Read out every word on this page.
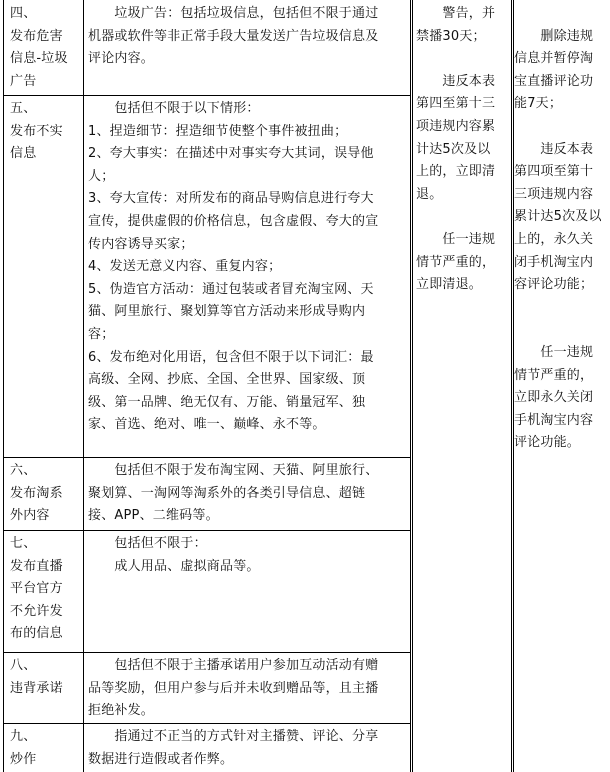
四、
发布危害
信息-垃圾
广告
　　垃圾广告：包括垃圾信息，包括但不限于通过
机器或软件等非正常手段大量发送广告垃圾信息及
评论内容。
五、
发布不实
信息
　　包括但不限于以下情形：
1、捏造细节：捏造细节使整个事件被扭曲；
2、夸大事实：在描述中对事实夸大其词，误导他
人；
3、夸大宣传：对所发布的商品导购信息进行夸大
宣传，提供虚假的价格信息，包含虚假、夸大的宣
传内容诱导买家；
4、发送无意义内容、重复内容；
5、伪造官方活动：通过包装或者冒充淘宝网、天
猫、阿里旅行、聚划算等官方活动来形成导购内
容；
6、发布绝对化用语，包含但不限于以下词汇：最
高级、全网、抄底、全国、全世界、国家级、顶
级、第一品牌、绝无仅有、万能、销量冠军、独
家、首选、绝对、唯一、巅峰、永不等。
六、
发布淘系
外内容
　　包括但不限于发布淘宝网、天猫、阿里旅行、
聚划算、一淘网等淘系外的各类引导信息、超链
接、APP、二维码等。
七、
发布直播
平台官方
不允许发
布的信息
　　包括但不限于：
　　成人用品、虚拟商品等。
八、
违背承诺
　　包括但不限于主播承诺用户参加互动活动有赠
品等奖励，但用户参与后并未收到赠品等，且主播
拒绝补发。
九、
炒作
　　指通过不正当的方式针对主播赞、评论、分享
数据进行造假或者作弊。
　　警告，并
禁播30天；

　　违反本表
第四至第十三
项违规内容累
计达5次及以
上的，立即清
退。

　　任一违规
情节严重的，
立即清退。

　　删除违规
信息并暂停淘
宝直播评论功
能7天；

　　违反本表
第四项至第十
三项违规内容
累计达5次及以
上的，永久关
闭手机淘宝内
容评论功能；

　　任一违规
情节严重的，
立即永久关闭
手机淘宝内容
评论功能。
